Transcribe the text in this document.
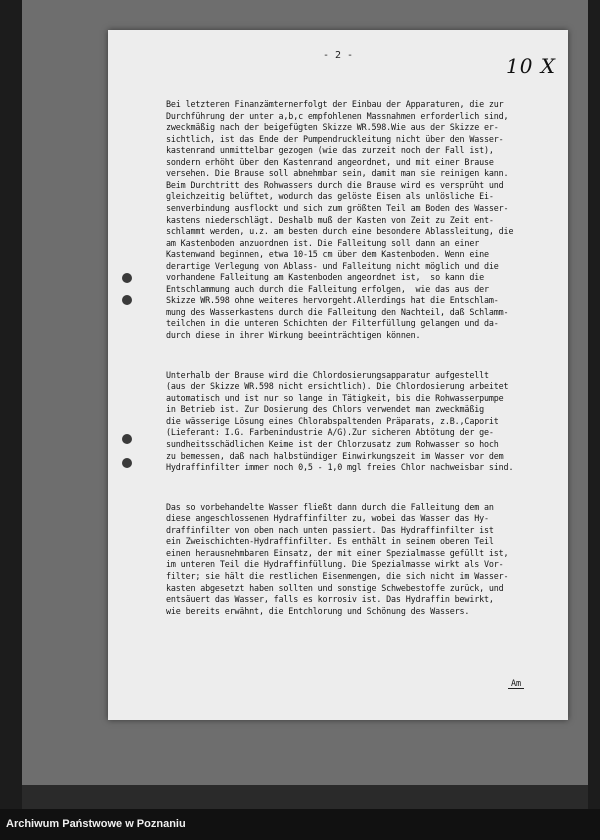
- 2 -	10 X

Bei letzteren Finanzämternerfolgt der Einbau der Apparaturen, die zur
Durchführung der unter a,b,c empfohlenen Massnahmen erforderlich sind,
zweckmäßig nach der beigefügten Skizze WR.598.Wie aus der Skizze er-
sichtlich, ist das Ende der Pumpendruckleitung nicht über den Wasser-
kastenrand unmittelbar gezogen (wie das zurzeit noch der Fall ist),
sondern erhöht über den Kastenrand angeordnet, und mit einer Brause
versehen. Die Brause soll abnehmbar sein, damit man sie reinigen kann.
Beim Durchtritt des Rohwassers durch die Brause wird es versprüht und
gleichzeitig belüftet, wodurch das gelöste Eisen als unlösliche Ei-
senverbindung ausflockt und sich zum größten Teil am Boden des Wasser-
kastens niederschlägt. Deshalb muß der Kasten von Zeit zu Zeit ent-
schlammt werden, u.z. am besten durch eine besondere Ablassleitung, die
am Kastenboden anzuordnen ist. Die Falleitung soll dann an einer
Kastenwand beginnen, etwa 10-15 cm über dem Kastenboden. Wenn eine
derartige Verlegung von Ablass- und Falleitung nicht möglich und die
vorhandene Falleitung am Kastenboden angeordnet ist,  so kann die
Entschlammung auch durch die Falleitung erfolgen,  wie das aus der
Skizze WR.598 ohne weiteres hervorgeht.Allerdings hat die Entschlam-
mung des Wasserkastens durch die Falleitung den Nachteil, daß Schlamm-
teilchen in die unteren Schichten der Filterfüllung gelangen und da-
durch diese in ihrer Wirkung beeinträchtigen können.

Unterhalb der Brause wird die Chlordosierungsapparatur aufgestellt
(aus der Skizze WR.598 nicht ersichtlich). Die Chlordosierung arbeitet
automatisch und ist nur so lange in Tätigkeit, bis die Rohwasserpumpe
in Betrieb ist. Zur Dosierung des Chlors verwendet man zweckmäßig
die wässerige Lösung eines Chlorabspaltenden Präparats, z.B.,Caporit
(Lieferant: I.G. Farbenindustrie A/G).Zur sicheren Abtötung der ge-
sundheitsschädlichen Keime ist der Chlorzusatz zum Rohwasser so hoch
zu bemessen, daß nach halbstündiger Einwirkungszeit im Wasser vor dem
Hydraffinfilter immer noch 0,5 - 1,0 mgl freies Chlor nachweisbar sind.

Das so vorbehandelte Wasser fließt dann durch die Falleitung dem an
diese angeschlossenen Hydraffinfilter zu, wobei das Wasser das Hy-
draffinfilter von oben nach unten passiert. Das Hydraffinfilter ist
ein Zweischichten-Hydraffinfilter. Es enthält in seinem oberen Teil
einen herausnehmbaren Einsatz, der mit einer Spezialmasse gefüllt ist,
im unteren Teil die Hydraffinfüllung. Die Spezialmasse wirkt als Vor-
filter; sie hält die restlichen Eisenmengen, die sich nicht im Wasser-
kasten abgesetzt haben sollten und sonstige Schwebestoffe zurück, und
entsäuert das Wasser, falls es korrosiv ist. Das Hydraffin bewirkt,
wie bereits erwähnt, die Entchlorung und Schönung des Wassers.

Am
Archiwum Państwowe w Poznaniu
